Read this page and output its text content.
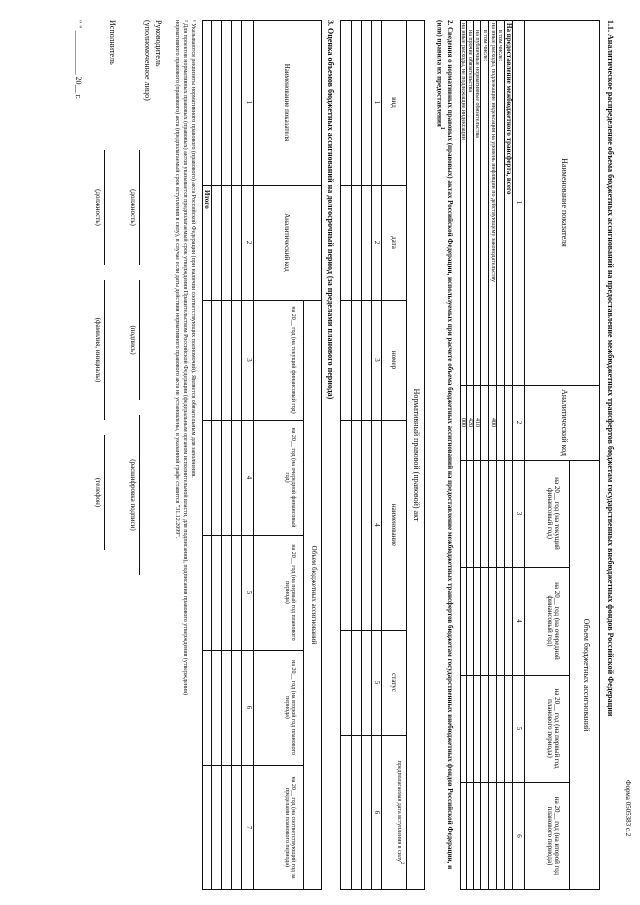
Форма 0505383 с.2
1.1. Аналитическое распределение объема бюджетных ассигнований на предоставление межбюджетных трансфертов бюджетам государственных внебюджетных фондов Российской Федерации
Наименование показателя
Аналитический код
Объем бюджетных ассигнований
на 20__ год (на текущий финансовый год)
на 20__ год (на очередной финансовый год)
на 20__ год (на первый год планового периода)
на 20__ год (на второй год планового периода)
1
2
3
4
5
6
На предоставление межбюджетного трансферта, всего
в том числе:
на иные расходы, подлежащие индексации на уровень инфляции по действующему законодательству
400
в том числе:
на публичные нормативные обязательства
410
на прочие обязательства
420
на иные расходы, не подлежащие индексации
000
2. Сведения о нормативных правовых (правовых) актах Российской Федерации, используемых при расчете объема бюджетных ассигнований на предоставление межбюджетных трансфертов бюджетам государственных внебюджетных фондов Российской Федерации, и (или) правила их предоставления$^1$
Нормативный правовой (правовой) акт
вид
дата
номер
наименование
статус
предполагаемая дата вступления в силу$^2$
1
2
3
4
5
6
3. Оценка объемов бюджетных ассигнований на долгосрочный период (за пределами планового периода)
Наименование показателя
Аналитический код
Объем бюджетных ассигнований
на 20__ год (на текущий финансовый год)
на 20__ год (на очередной финансовый год)
на 20__ год (на первый год планового периода)
на 20__ год (на второй год планового периода)
на 20__ год (на соответствующий год за пределами планового периода)
1
2
3
4
5
6
7
Итого
¹ Указываются реквизиты нормативного правового (правового) акта Российской Федерации (при наличии соответствующих полномочий). Является обязательным для заполнения.
² Для проектов нормативных правовых (правовых) актов указывается предполагаемый срок утверждения Правительством Российской Федерации (федеральным органом исполнительной власти, для подписания), подписания правового утверждения (утверждения)
нормативного правового (правового) акта (предполагаемый срок вступления в силу), в случае если даты действия нормативного правового акта не установлены, в указанной графе ставится "31.12.2099".
Руководитель
(уполномоченное лицо)
(должность)
(подпись)
(расшифровка подписи)
Исполнитель
(должность)
(фамилия, инициалы)
(телефон)
" " ___________ 20__ г.
